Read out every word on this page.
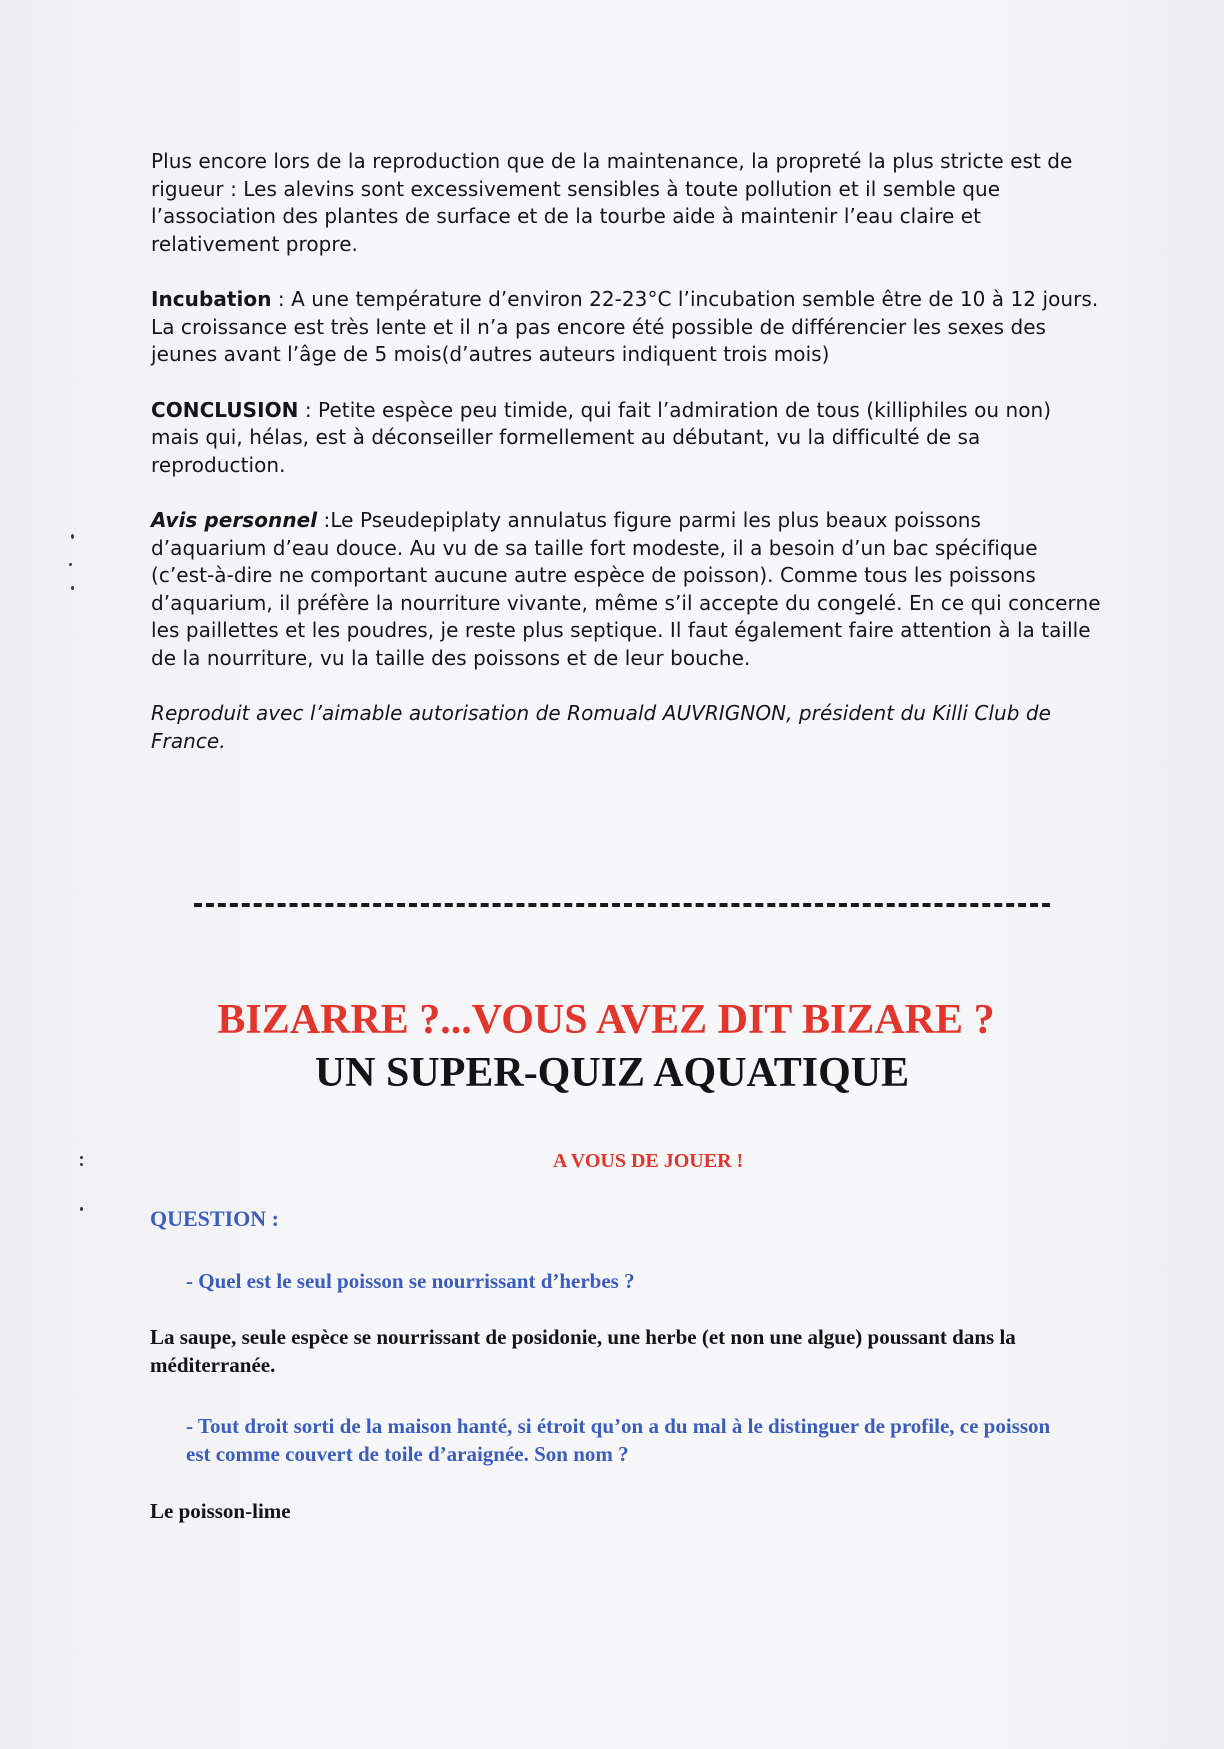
Plus encore lors de la reproduction que de la maintenance, la propreté la plus stricte est de rigueur : Les alevins sont excessivement sensibles à toute pollution et il semble que l’association des plantes de surface et de la tourbe aide à maintenir l’eau claire et relativement propre.

Incubation : A une température d’environ 22-23°C l’incubation semble être de 10 à 12 jours. La croissance est très lente et il n’a pas encore été possible de différencier les sexes des jeunes avant l’âge de 5 mois(d’autres auteurs indiquent trois mois)

CONCLUSION : Petite espèce peu timide, qui fait l’admiration de tous (killiphiles ou non) mais qui, hélas, est à déconseiller formellement au débutant, vu la difficulté de sa reproduction.

Avis personnel :Le Pseudepiplaty annulatus figure parmi les plus beaux poissons d’aquarium d’eau douce. Au vu de sa taille fort modeste, il a besoin d’un bac spécifique (c’est-à-dire ne comportant aucune autre espèce de poisson). Comme tous les poissons d’aquarium, il préfère la nourriture vivante, même s’il accepte du congelé. En ce qui concerne les paillettes et les poudres, je reste plus septique. Il faut également faire attention à la taille de la nourriture, vu la taille des poissons et de leur bouche.

Reproduit avec l’aimable autorisation de Romuald AUVRIGNON, président du Killi Club de France.

BIZARRE ?...VOUS AVEZ DIT BIZARE ?
UN SUPER-QUIZ AQUATIQUE
A VOUS DE JOUER !
QUESTION :
- Quel est le seul poisson se nourrissant d’herbes ?
La saupe, seule espèce se nourrissant de posidonie, une herbe (et non une algue) poussant dans la méditerranée.
- Tout droit sorti de la maison hanté, si étroit qu’on a du mal à le distinguer de profile, ce poisson est comme couvert de toile d’araignée. Son nom ?
Le poisson-lime
